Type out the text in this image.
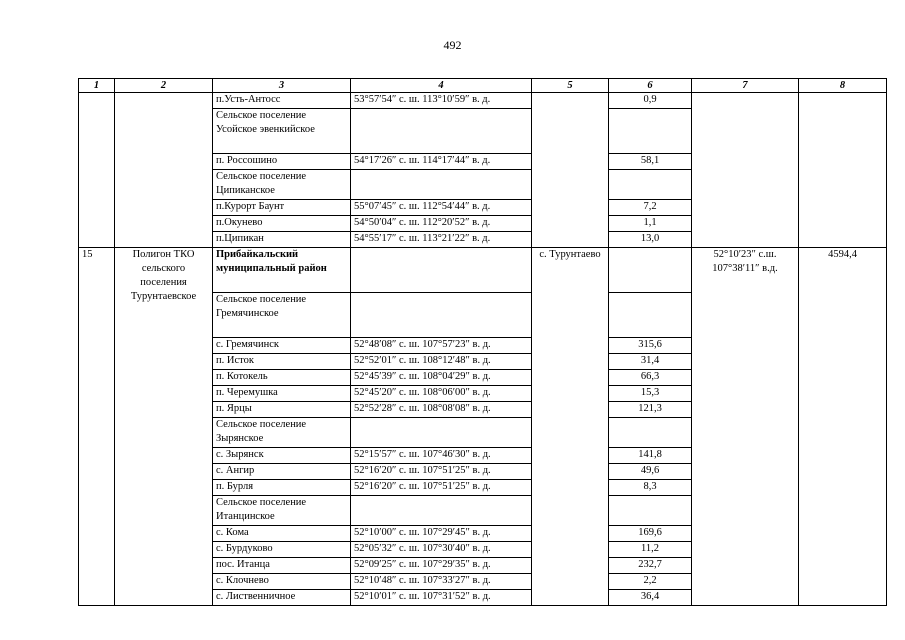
492
1	2	3	4	5	6	7	8
		п.Усть-Антосс	53°57′54″ с. ш. 113°10′59″ в. д.		0,9		
		Сельское поселение Усойское эвенкийское					
		п. Россошино	54°17′26″ с. ш. 114°17′44″ в. д.		58,1		
		Сельское поселение Ципиканское					
		п.Курорт Баунт	55°07′45″ с. ш. 112°54′44″ в. д.		7,2		
		п.Окунево	54°50′04″ с. ш. 112°20′52″ в. д.		1,1		
		п.Ципикан	54°55′17″ с. ш. 113°21′22″ в. д.		13,0		
15	Полигон ТКО сельского поселения Турунтаевское	Прибайкальский муниципальный район		с. Турунтаево		52°10′23″ с.ш. 107°38′11″ в.д.	4594,4
		Сельское поселение Гремячинское					
		с. Гремячинск	52°48′08″ с. ш. 107°57′23″ в. д.		315,6		
		п. Исток	52°52′01″ с. ш. 108°12′48″ в. д.		31,4		
		п. Котокель	52°45′39″ с. ш. 108°04′29″ в. д.		66,3		
		п. Черемушка	52°45′20″ с. ш. 108°06′00″ в. д.		15,3		
		п. Ярцы	52°52′28″ с. ш. 108°08′08″ в. д.		121,3		
		Сельское поселение Зырянское					
		с. Зырянск	52°15′57″ с. ш. 107°46′30″ в. д.		141,8		
		с. Ангир	52°16′20″ с. ш. 107°51′25″ в. д.		49,6		
		п. Бурля	52°16′20″ с. ш. 107°51′25″ в. д.		8,3		
		Сельское поселение Итанцинское					
		с. Кома	52°10′00″ с. ш. 107°29′45″ в. д.		169,6		
		с. Бурдуково	52°05′32″ с. ш. 107°30′40″ в. д.		11,2		
		пос. Итанца	52°09′25″ с. ш. 107°29′35″ в. д.		232,7		
		с. Клочнево	52°10′48″ с. ш. 107°33′27″ в. д.		2,2		
		с. Лиственничное	52°10′01″ с. ш. 107°31′52″ в. д.		36,4		
